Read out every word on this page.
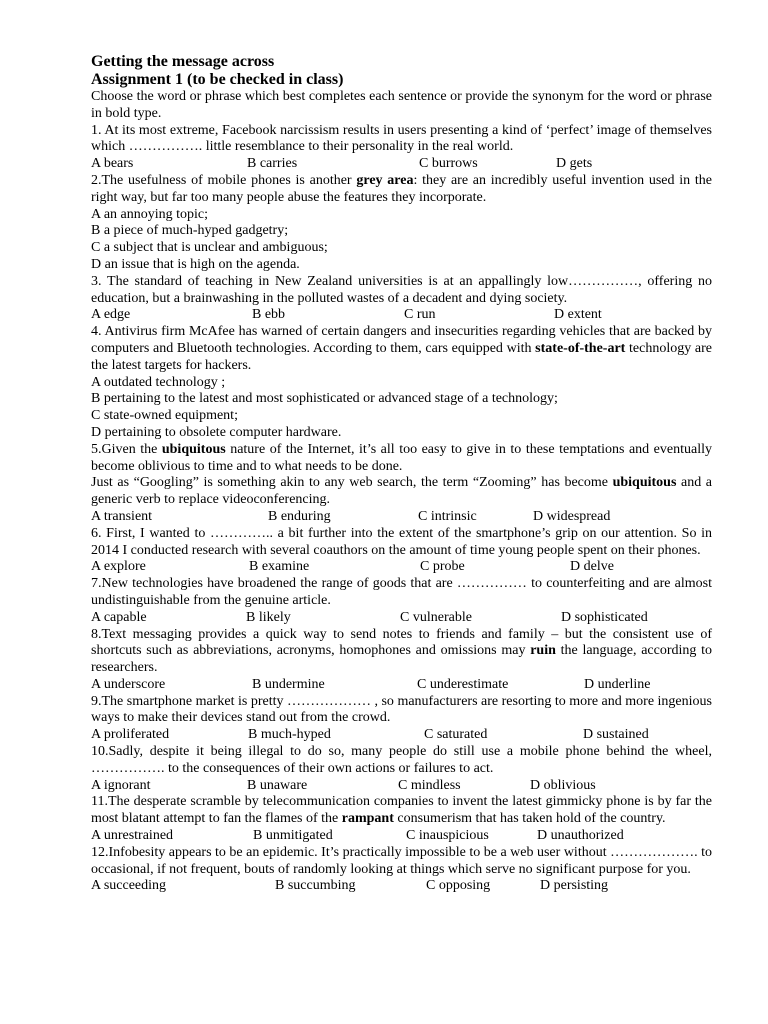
Getting the message across

Assignment 1 (to be checked in class)

Choose the word or phrase which best completes each sentence or provide the synonym for the word or phrase in bold type.

1. At its most extreme, Facebook narcissism results in users presenting a kind of ‘perfect’ image of themselves which ……………. little resemblance to their personality in the real world.

A bears	B carries	C burrows	D gets

2.The usefulness of mobile phones is another grey area: they are an incredibly useful invention used in the right way, but far too many people abuse the features they incorporate.

A an annoying topic;

B a piece of much-hyped gadgetry;

C a subject that is unclear and ambiguous;

D an issue that is high on the agenda.

3. The standard of teaching in New Zealand universities is at an appallingly low……………, offering no education, but a brainwashing in the polluted wastes of a decadent and dying society.

A edge	B ebb	C run	D extent

4. Antivirus firm McAfee has warned of certain dangers and insecurities regarding vehicles that are backed by computers and Bluetooth technologies. According to them, cars equipped with state-of-the-art technology are the latest targets for hackers.

A outdated technology ;

B pertaining to the latest and most sophisticated or advanced stage of a technology;

C state-owned equipment;

D pertaining to obsolete computer hardware.

5.Given the ubiquitous nature of the Internet, it’s all too easy to give in to these temptations and eventually become oblivious to time and to what needs to be done.

Just as “Googling” is something akin to any web search, the term “Zooming” has become ubiquitous and a generic verb to replace videoconferencing.

A transient	B enduring	C intrinsic	D widespread

6. First, I wanted to ………….. a bit further into the extent of the smartphone’s grip on our attention. So in 2014 I conducted research with several coauthors on the amount of time young people spent on their phones.

A explore	B examine	C probe	D delve

7.New technologies have broadened the range of goods that are …………… to counterfeiting and are almost undistinguishable from the genuine article.

A capable	B likely	C vulnerable	D sophisticated

8.Text messaging provides a quick way to send notes to friends and family – but the consistent use of shortcuts such as abbreviations, acronyms, homophones and omissions may ruin the language, according to researchers.

A underscore	B undermine	C underestimate	D underline

9.The smartphone market is pretty ……………… , so manufacturers are resorting to more and more ingenious ways to make their devices stand out from the crowd.

A proliferated	B much-hyped	C saturated	D sustained

10.Sadly, despite it being illegal to do so, many people do still use a mobile phone behind the wheel, ……………. to the consequences of their own actions or failures to act.

A ignorant	B unaware	C mindless	D oblivious

11.The desperate scramble by telecommunication companies to invent the latest gimmicky phone is by far the most blatant attempt to fan the flames of the rampant consumerism that has taken hold of the country.

A unrestrained	B unmitigated	C inauspicious	D unauthorized

12.Infobesity appears to be an epidemic. It’s practically impossible to be a web user without ………………. to occasional, if not frequent, bouts of randomly looking at things which serve no significant purpose for you.

A succeeding	B succumbing	C opposing	D persisting
